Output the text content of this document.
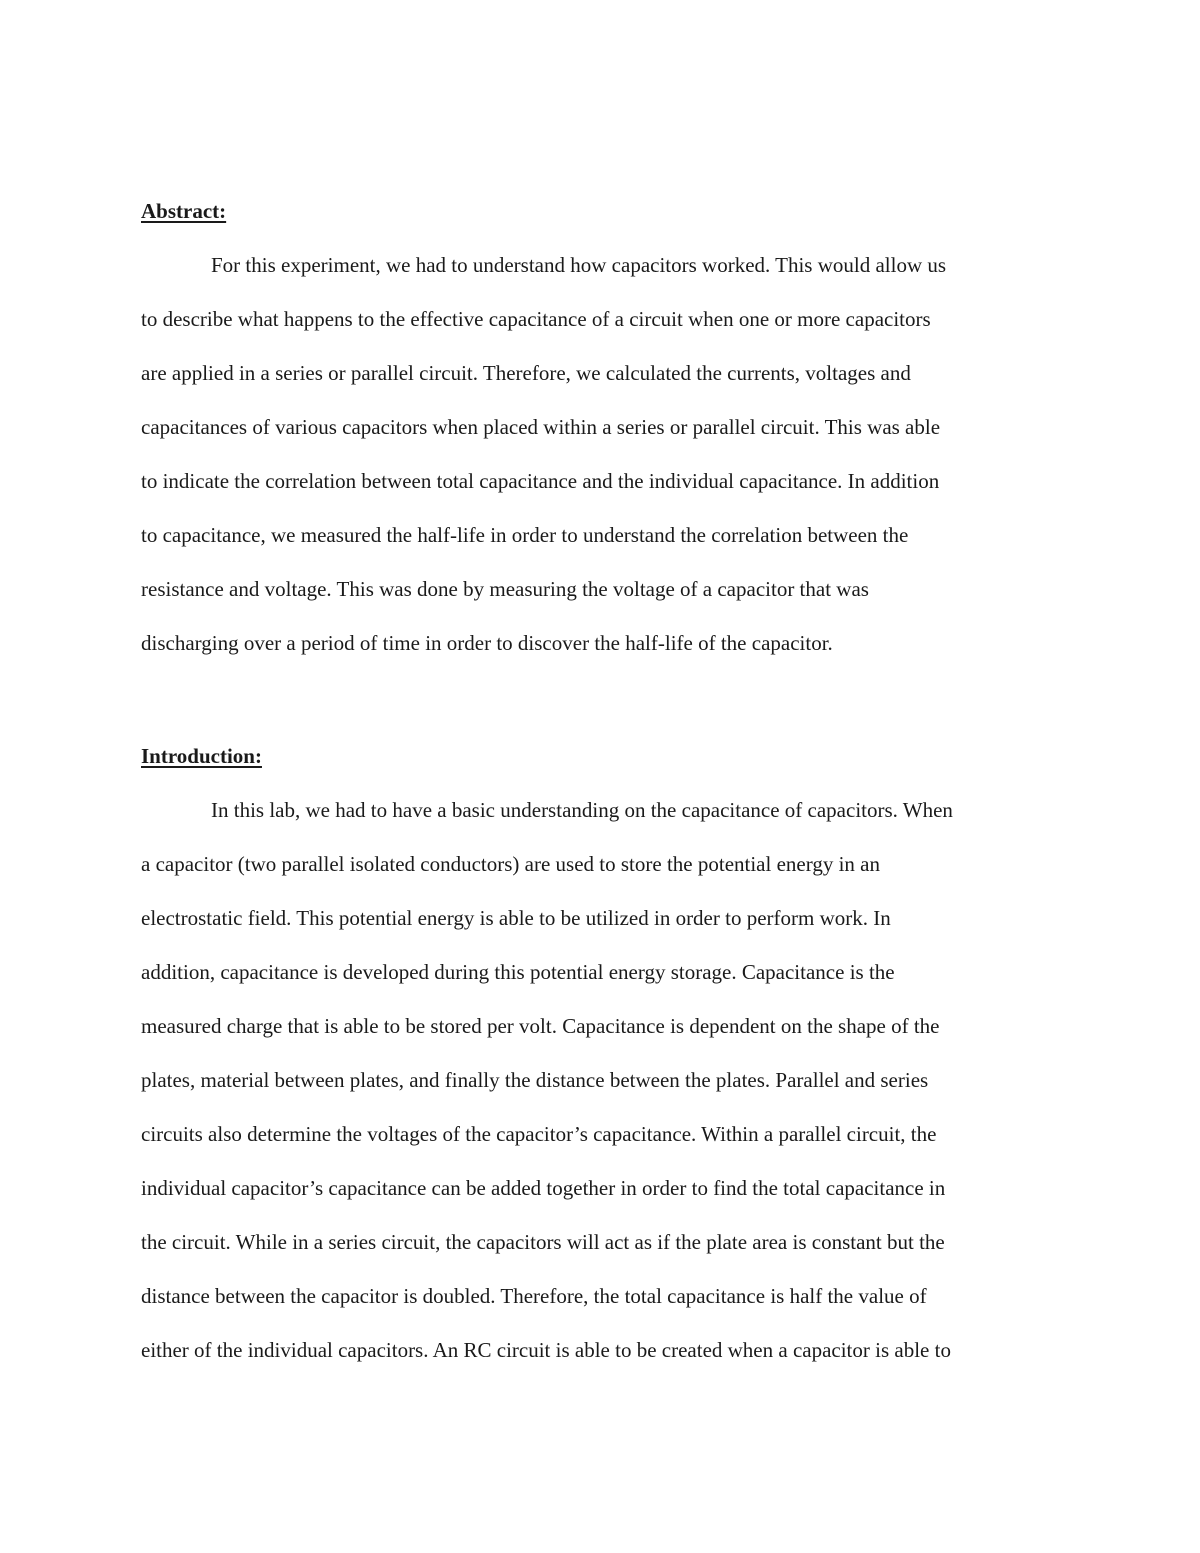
Abstract:

For this experiment, we had to understand how capacitors worked. This would allow us

to describe what happens to the effective capacitance of a circuit when one or more capacitors

are applied in a series or parallel circuit. Therefore, we calculated the currents, voltages and

capacitances of various capacitors when placed within a series or parallel circuit. This was able

to indicate the correlation between total capacitance and the individual capacitance. In addition

to capacitance, we measured the half-life in order to understand the correlation between the

resistance and voltage. This was done by measuring the voltage of a capacitor that was

discharging over a period of time in order to discover the half-life of the capacitor.

Introduction:

In this lab, we had to have a basic understanding on the capacitance of capacitors. When

a capacitor (two parallel isolated conductors) are used to store the potential energy in an

electrostatic field. This potential energy is able to be utilized in order to perform work. In

addition, capacitance is developed during this potential energy storage. Capacitance is the

measured charge that is able to be stored per volt. Capacitance is dependent on the shape of the

plates, material between plates, and finally the distance between the plates. Parallel and series

circuits also determine the voltages of the capacitor’s capacitance. Within a parallel circuit, the

individual capacitor’s capacitance can be added together in order to find the total capacitance in

the circuit. While in a series circuit, the capacitors will act as if the plate area is constant but the

distance between the capacitor is doubled. Therefore, the total capacitance is half the value of

either of the individual capacitors. An RC circuit is able to be created when a capacitor is able to
